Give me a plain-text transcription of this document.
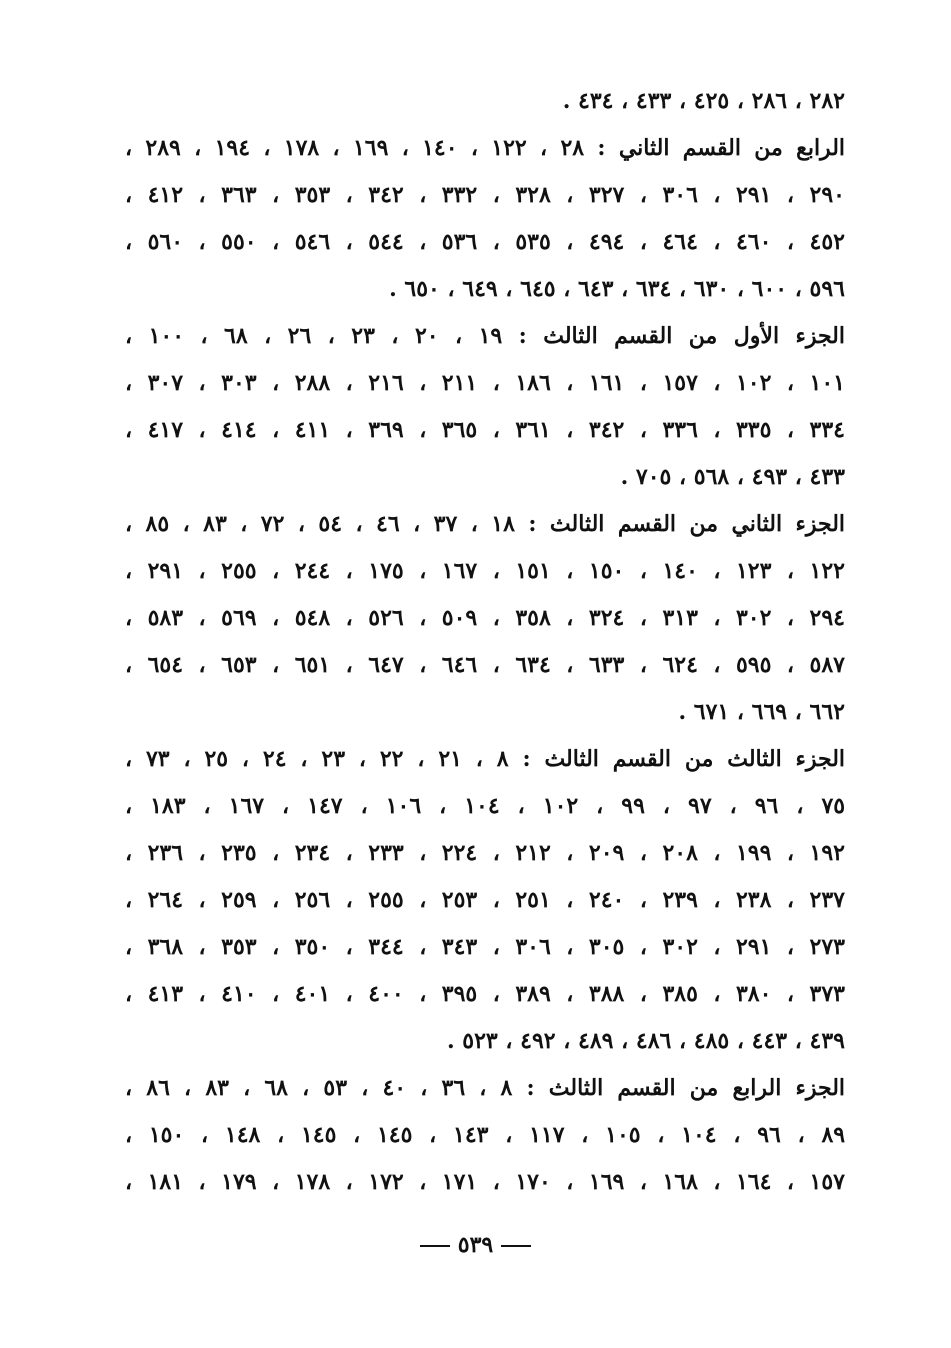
٢٨٢ ، ٢٨٦ ، ٤٢٥ ، ٤٣٣ ، ٤٣٤ .
الرابع من القسم الثاني : ٢٨ ، ١٢٢ ، ١٤٠ ، ١٦٩ ، ١٧٨ ، ١٩٤ ، ٢٨٩ ،
٢٩٠ ، ٢٩١ ، ٣٠٦ ، ٣٢٧ ، ٣٢٨ ، ٣٣٢ ، ٣٤٢ ، ٣٥٣ ، ٣٦٣ ، ٤١٢ ،
٤٥٢ ، ٤٦٠ ، ٤٦٤ ، ٤٩٤ ، ٥٣٥ ، ٥٣٦ ، ٥٤٤ ، ٥٤٦ ، ٥٥٠ ، ٥٦٠ ،
٥٩٦ ، ٦٠٠ ، ٦٣٠ ، ٦٣٤ ، ٦٤٣ ، ٦٤٥ ، ٦٤٩ ، ٦٥٠ .
الجزء الأول من القسم الثالث : ١٩ ، ٢٠ ، ٢٣ ، ٢٦ ، ٦٨ ، ١٠٠ ،
١٠١ ، ١٠٢ ، ١٥٧ ، ١٦١ ، ١٨٦ ، ٢١١ ، ٢١٦ ، ٢٨٨ ، ٣٠٣ ، ٣٠٧ ،
٣٣٤ ، ٣٣٥ ، ٣٣٦ ، ٣٤٢ ، ٣٦١ ، ٣٦٥ ، ٣٦٩ ، ٤١١ ، ٤١٤ ، ٤١٧ ،
٤٣٣ ، ٤٩٣ ، ٥٦٨ ، ٧٠٥ .
الجزء الثاني من القسم الثالث : ١٨ ، ٣٧ ، ٤٦ ، ٥٤ ، ٧٢ ، ٨٣ ، ٨٥ ،
١٢٢ ، ١٢٣ ، ١٤٠ ، ١٥٠ ، ١٥١ ، ١٦٧ ، ١٧٥ ، ٢٤٤ ، ٢٥٥ ، ٢٩١ ،
٢٩٤ ، ٣٠٢ ، ٣١٣ ، ٣٢٤ ، ٣٥٨ ، ٥٠٩ ، ٥٢٦ ، ٥٤٨ ، ٥٦٩ ، ٥٨٣ ،
٥٨٧ ، ٥٩٥ ، ٦٢٤ ، ٦٣٣ ، ٦٣٤ ، ٦٤٦ ، ٦٤٧ ، ٦٥١ ، ٦٥٣ ، ٦٥٤ ،
٦٦٢ ، ٦٦٩ ، ٦٧١ .
الجزء الثالث من القسم الثالث : ٨ ، ٢١ ، ٢٢ ، ٢٣ ، ٢٤ ، ٢٥ ، ٧٣ ،
٧٥ ، ٩٦ ، ٩٧ ، ٩٩ ، ١٠٢ ، ١٠٤ ، ١٠٦ ، ١٤٧ ، ١٦٧ ، ١٨٣ ،
١٩٢ ، ١٩٩ ، ٢٠٨ ، ٢٠٩ ، ٢١٢ ، ٢٢٤ ، ٢٣٣ ، ٢٣٤ ، ٢٣٥ ، ٢٣٦ ،
٢٣٧ ، ٢٣٨ ، ٢٣٩ ، ٢٤٠ ، ٢٥١ ، ٢٥٣ ، ٢٥٥ ، ٢٥٦ ، ٢٥٩ ، ٢٦٤ ،
٢٧٣ ، ٢٩١ ، ٣٠٢ ، ٣٠٥ ، ٣٠٦ ، ٣٤٣ ، ٣٤٤ ، ٣٥٠ ، ٣٥٣ ، ٣٦٨ ،
٣٧٣ ، ٣٨٠ ، ٣٨٥ ، ٣٨٨ ، ٣٨٩ ، ٣٩٥ ، ٤٠٠ ، ٤٠١ ، ٤١٠ ، ٤١٣ ،
٤٣٩ ، ٤٤٣ ، ٤٨٥ ، ٤٨٦ ، ٤٨٩ ، ٤٩٢ ، ٥٢٣ .
الجزء الرابع من القسم الثالث : ٨ ، ٣٦ ، ٤٠ ، ٥٣ ، ٦٨ ، ٨٣ ، ٨٦ ،
٨٩ ، ٩٦ ، ١٠٤ ، ١٠٥ ، ١١٧ ، ١٤٣ ، ١٤٥ ، ١٤٥ ، ١٤٨ ، ١٥٠ ،
١٥٧ ، ١٦٤ ، ١٦٨ ، ١٦٩ ، ١٧٠ ، ١٧١ ، ١٧٢ ، ١٧٨ ، ١٧٩ ، ١٨١ ،
٥٣٩
